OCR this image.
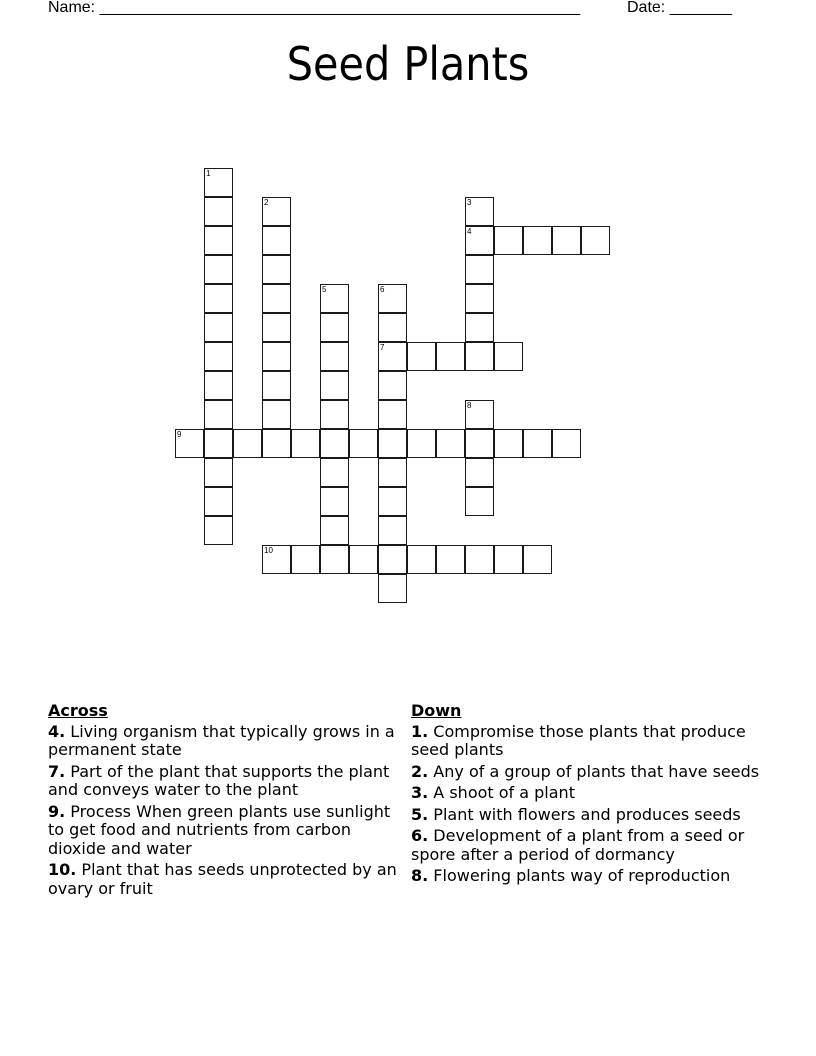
Name: ______________________________________________________	Date: _______
Seed Plants
1
2	3
4
5	6
7
8
9
10
Across
4. Living organism that typically grows in a permanent state
7. Part of the plant that supports the plant and conveys water to the plant
9. Process When green plants use sunlight to get food and nutrients from carbon dioxide and water
10. Plant that has seeds unprotected by an ovary or fruit
Down
1. Compromise those plants that produce seed plants
2. Any of a group of plants that have seeds
3. A shoot of a plant
5. Plant with flowers and produces seeds
6. Development of a plant from a seed or spore after a period of dormancy
8. Flowering plants way of reproduction
